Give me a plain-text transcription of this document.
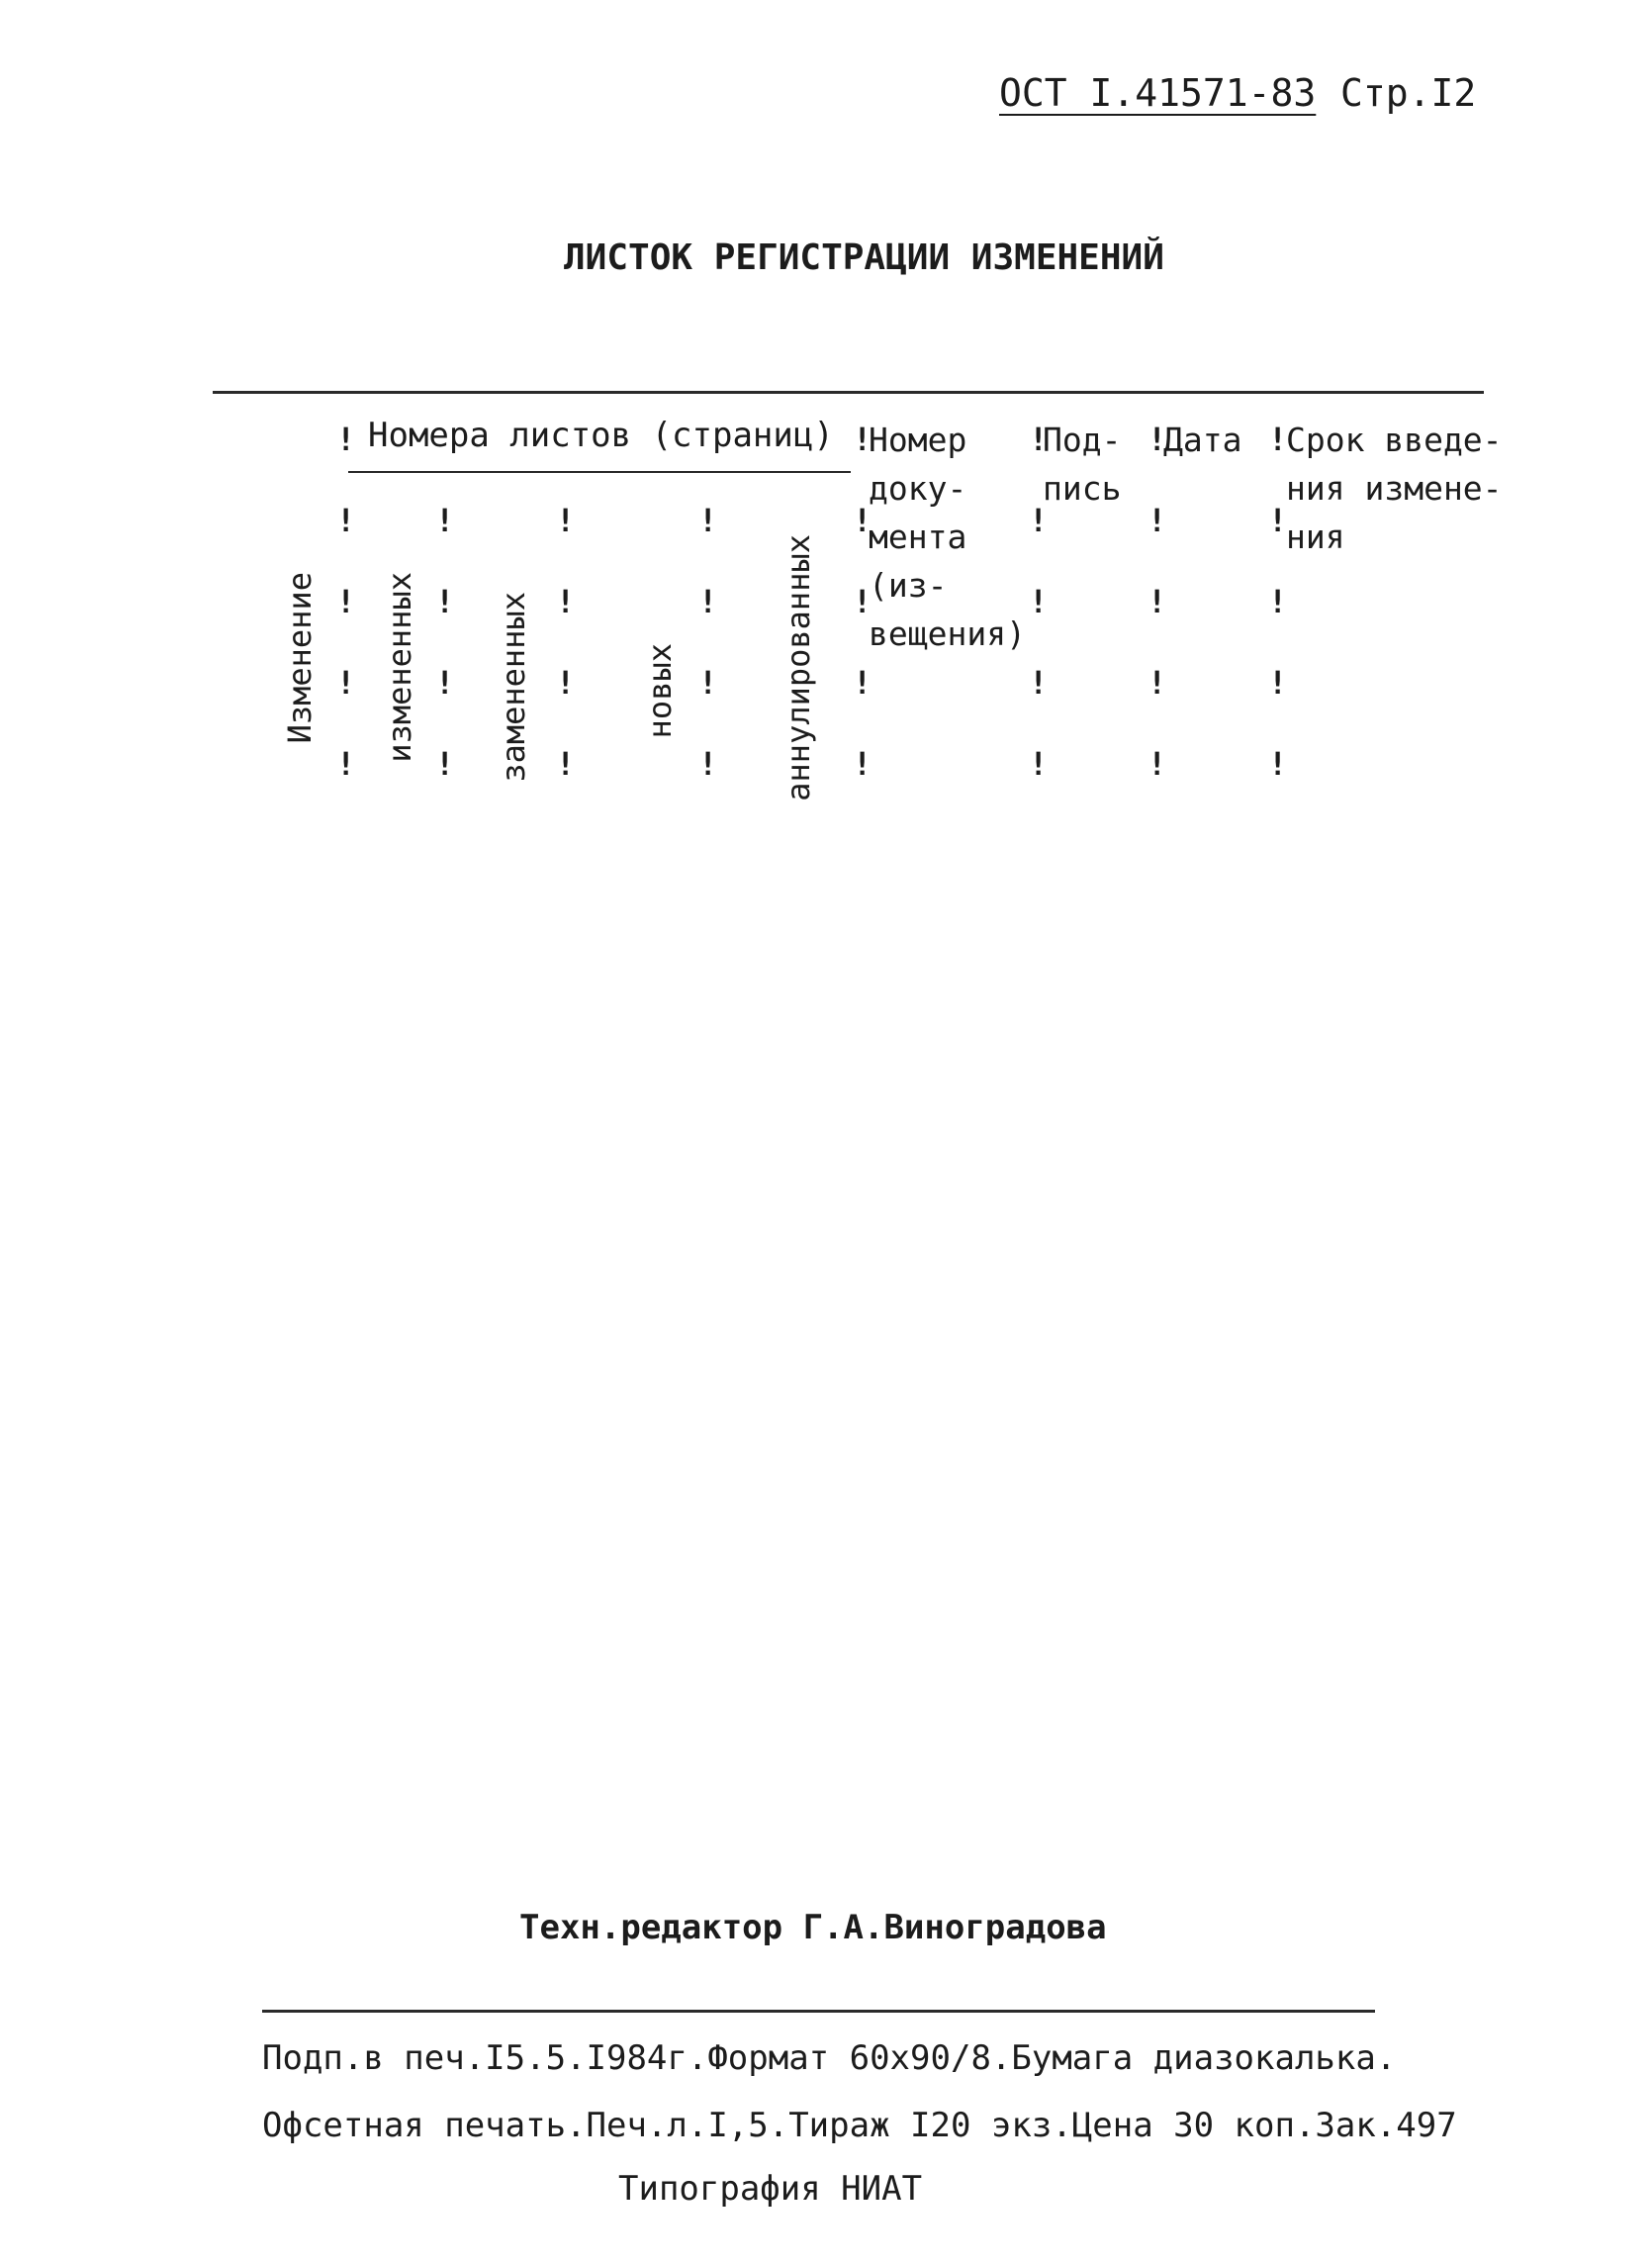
ОСТ I.41571-83 Стр.I2
ЛИСТОК РЕГИСТРАЦИИ ИЗМЕНЕНИЙ
Номера листов (страниц)
Изменение измененных замененных	новых	аннулированных
Номер
доку-
мента
(из-
вещения)
Под-
пись
Дата Срок введе-
ния измене-
ния
!
!
!
!
!
!
!
!
!
!
!
!
!
!
!
!
!
!
!
!
!
!
!
!
!
!
!
!
!
!
!
!
!
!
!
!
!
Техн.редактор Г.А.Виноградова
Подп.в печ.I5.5.I984г.Формат 60х90/8.Бумага диазокалька.
Офсетная печать.Печ.л.I,5.Тираж I20 экз.Цена 30 коп.Зак.497
Типография НИАТ
